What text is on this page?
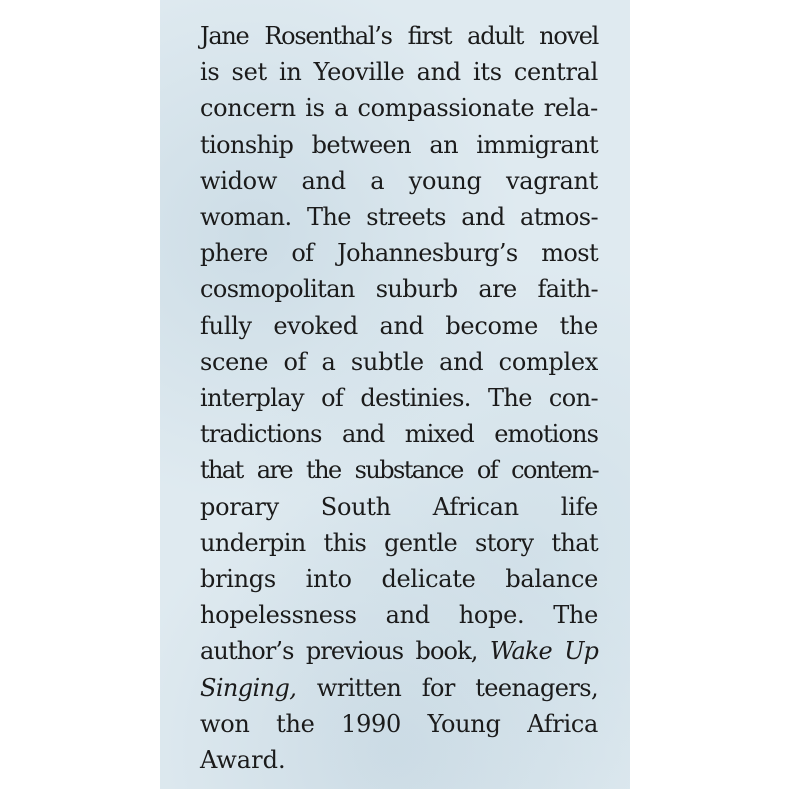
Jane Rosenthal’s first adult novel
is set in Yeoville and its central
concern is a compassionate rela-
tionship between an immigrant
widow and a young vagrant
woman. The streets and atmos-
phere of Johannesburg’s most
cosmopolitan suburb are faith-
fully evoked and become the
scene of a subtle and complex
interplay of destinies. The con-
tradictions and mixed emotions
that are the substance of contem-
porary South African life
underpin this gentle story that
brings into delicate balance
hopelessness and hope. The
author’s previous book, Wake Up
Singing, written for teenagers,
won the 1990 Young Africa
Award.
